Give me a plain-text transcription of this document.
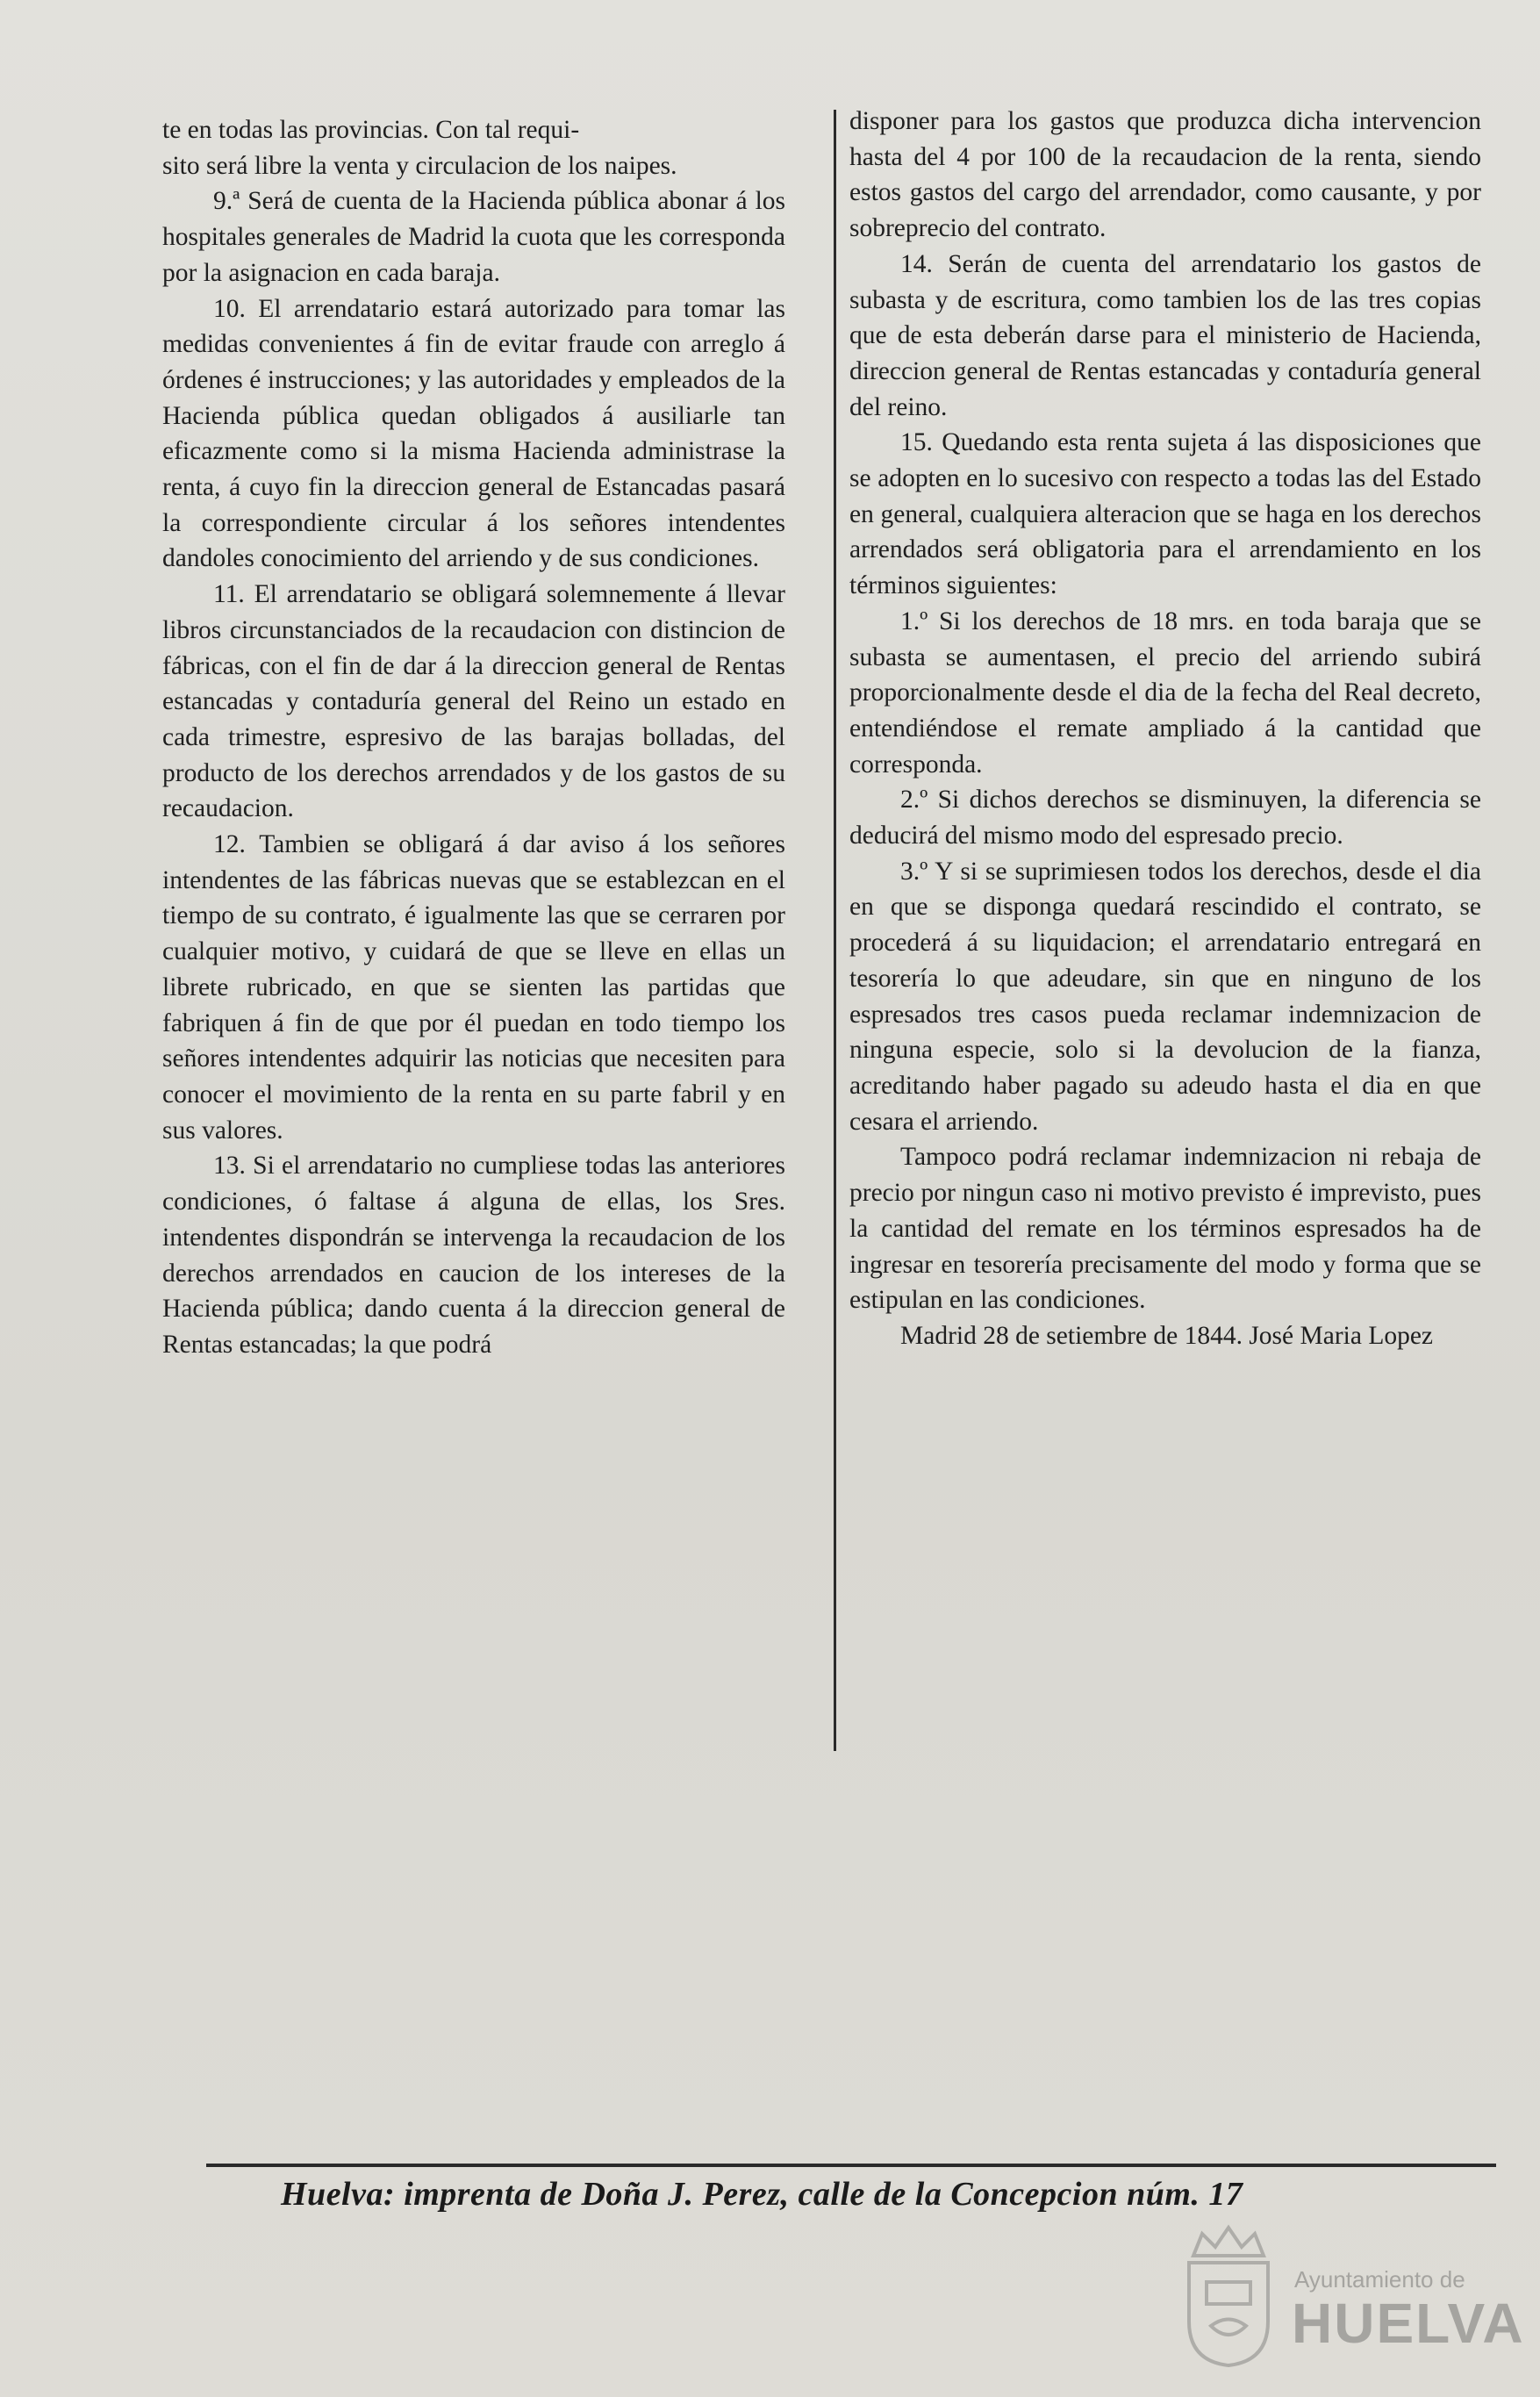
te en todas las provincias. Con tal requi-

sito será libre la venta y circulacion de los naipes.

9.ª Será de cuenta de la Hacienda pública abonar á los hospitales generales de Madrid la cuota que les corresponda por la asignacion en cada baraja.

10. El arrendatario estará autorizado para tomar las medidas convenientes á fin de evitar fraude con arreglo á órdenes é instrucciones; y las autoridades y empleados de la Hacienda pública quedan obligados á ausiliarle tan eficazmente como si la misma Hacienda administrase la renta, á cuyo fin la direccion general de Estancadas pasará la correspondiente circular á los señores intendentes dandoles conocimiento del arriendo y de sus condiciones.

11. El arrendatario se obligará solemnemente á llevar libros circunstanciados de la recaudacion con distincion de fábricas, con el fin de dar á la direccion general de Rentas estancadas y contaduría general del Reino un estado en cada trimestre, espresivo de las barajas bolladas, del producto de los derechos arrendados y de los gastos de su recaudacion.

12. Tambien se obligará á dar aviso á los señores intendentes de las fábricas nuevas que se establezcan en el tiempo de su contrato, é igualmente las que se cerraren por cualquier motivo, y cuidará de que se lleve en ellas un librete rubricado, en que se sienten las partidas que fabriquen á fin de que por él puedan en todo tiempo los señores intendentes adquirir las noticias que necesiten para conocer el movimiento de la renta en su parte fabril y en sus valores.

13. Si el arrendatario no cumpliese todas las anteriores condiciones, ó faltase á alguna de ellas, los Sres. intendentes dispondrán se intervenga la recaudacion de los derechos arrendados en caucion de los intereses de la Hacienda pública; dando cuenta á la direccion general de Rentas estancadas; la que podrá

disponer para los gastos que produzca dicha intervencion hasta del 4 por 100 de la recaudacion de la renta, siendo estos gastos del cargo del arrendador, como causante, y por sobreprecio del contrato.

14. Serán de cuenta del arrendatario los gastos de subasta y de escritura, como tambien los de las tres copias que de esta deberán darse para el ministerio de Hacienda, direccion general de Rentas estancadas y contaduría general del reino.

15. Quedando esta renta sujeta á las disposiciones que se adopten en lo sucesivo con respecto a todas las del Estado en general, cualquiera alteracion que se haga en los derechos arrendados será obligatoria para el arrendamiento en los términos siguientes:

1.º Si los derechos de 18 mrs. en toda baraja que se subasta se aumentasen, el precio del arriendo subirá proporcionalmente desde el dia de la fecha del Real decreto, entendiéndose el remate ampliado á la cantidad que corresponda.

2.º Si dichos derechos se disminuyen, la diferencia se deducirá del mismo modo del espresado precio.

3.º Y si se suprimiesen todos los derechos, desde el dia en que se disponga quedará rescindido el contrato, se procederá á su liquidacion; el arrendatario entregará en tesorería lo que adeudare, sin que en ninguno de los espresados tres casos pueda reclamar indemnizacion de ninguna especie, solo si la devolucion de la fianza, acreditando haber pagado su adeudo hasta el dia en que cesara el arriendo.

Tampoco podrá reclamar indemnizacion ni rebaja de precio por ningun caso ni motivo previsto é imprevisto, pues la cantidad del remate en los términos espresados ha de ingresar en tesorería precisamente del modo y forma que se estipulan en las condiciones.

Madrid 28 de setiembre de 1844. José Maria Lopez

Huelva: imprenta de Doña J. Perez, calle de la Concepcion núm. 17
Ayuntamiento de
HUELVA
